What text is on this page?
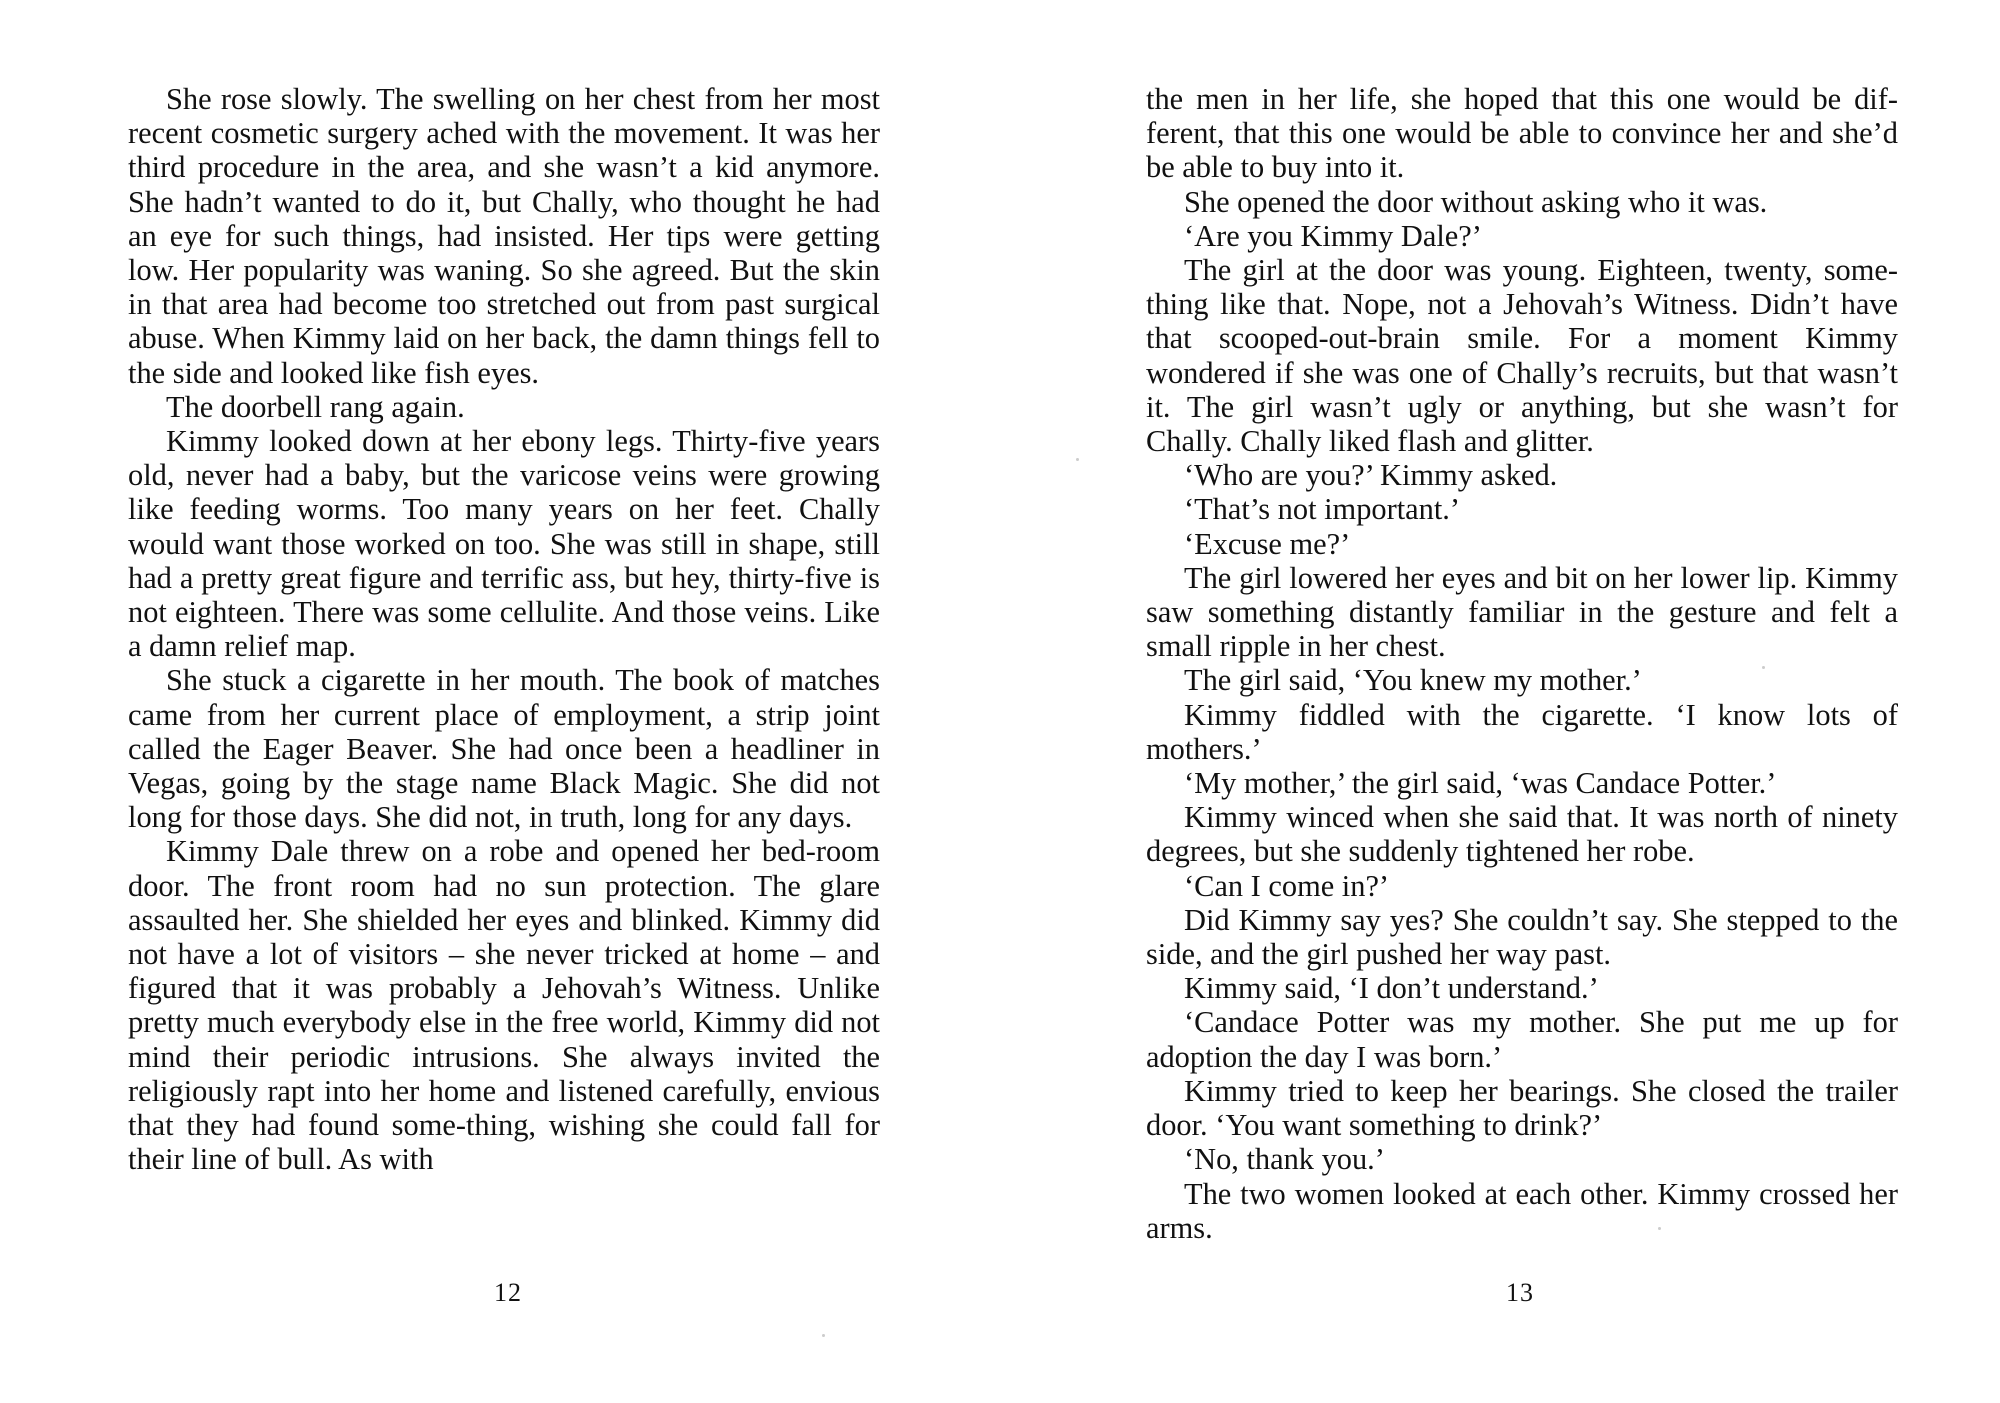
She rose slowly. The swelling on her chest from her most recent cosmetic surgery ached with the movement. It was her third procedure in the area, and she wasn’t a kid anymore. She hadn’t wanted to do it, but Chally, who thought he had an eye for such things, had insisted. Her tips were getting low. Her popularity was waning. So she agreed. But the skin in that area had become too stretched out from past surgical abuse. When Kimmy laid on her back, the damn things fell to the side and looked like fish eyes.

The doorbell rang again.

Kimmy looked down at her ebony legs. Thirty-five years old, never had a baby, but the varicose veins were growing like feeding worms. Too many years on her feet. Chally would want those worked on too. She was still in shape, still had a pretty great figure and terrific ass, but hey, thirty-five is not eighteen. There was some cellulite. And those veins. Like a damn relief map.

She stuck a cigarette in her mouth. The book of matches came from her current place of employment, a strip joint called the Eager Beaver. She had once been a headliner in Vegas, going by the stage name Black Magic. She did not long for those days. She did not, in truth, long for any days.

Kimmy Dale threw on a robe and opened her bed-room door. The front room had no sun protection. The glare assaulted her. She shielded her eyes and blinked. Kimmy did not have a lot of visitors – she never tricked at home – and figured that it was probably a Jehovah’s Witness. Unlike pretty much everybody else in the free world, Kimmy did not mind their periodic intrusions. She always invited the religiously rapt into her home and listened carefully, envious that they had found some-thing, wishing she could fall for their line of bull. As with

12

the men in her life, she hoped that this one would be dif-ferent, that this one would be able to convince her and she’d be able to buy into it.

She opened the door without asking who it was.

‘Are you Kimmy Dale?’

The girl at the door was young. Eighteen, twenty, some-thing like that. Nope, not a Jehovah’s Witness. Didn’t have that scooped-out-brain smile. For a moment Kimmy wondered if she was one of Chally’s recruits, but that wasn’t it. The girl wasn’t ugly or anything, but she wasn’t for Chally. Chally liked flash and glitter.

‘Who are you?’ Kimmy asked.

‘That’s not important.’

‘Excuse me?’

The girl lowered her eyes and bit on her lower lip. Kimmy saw something distantly familiar in the gesture and felt a small ripple in her chest.

The girl said, ‘You knew my mother.’

Kimmy fiddled with the cigarette. ‘I know lots of mothers.’

‘My mother,’ the girl said, ‘was Candace Potter.’

Kimmy winced when she said that. It was north of ninety degrees, but she suddenly tightened her robe.

‘Can I come in?’

Did Kimmy say yes? She couldn’t say. She stepped to the side, and the girl pushed her way past.

Kimmy said, ‘I don’t understand.’

‘Candace Potter was my mother. She put me up for adoption the day I was born.’

Kimmy tried to keep her bearings. She closed the trailer door. ‘You want something to drink?’

‘No, thank you.’

The two women looked at each other. Kimmy crossed her arms.

13
